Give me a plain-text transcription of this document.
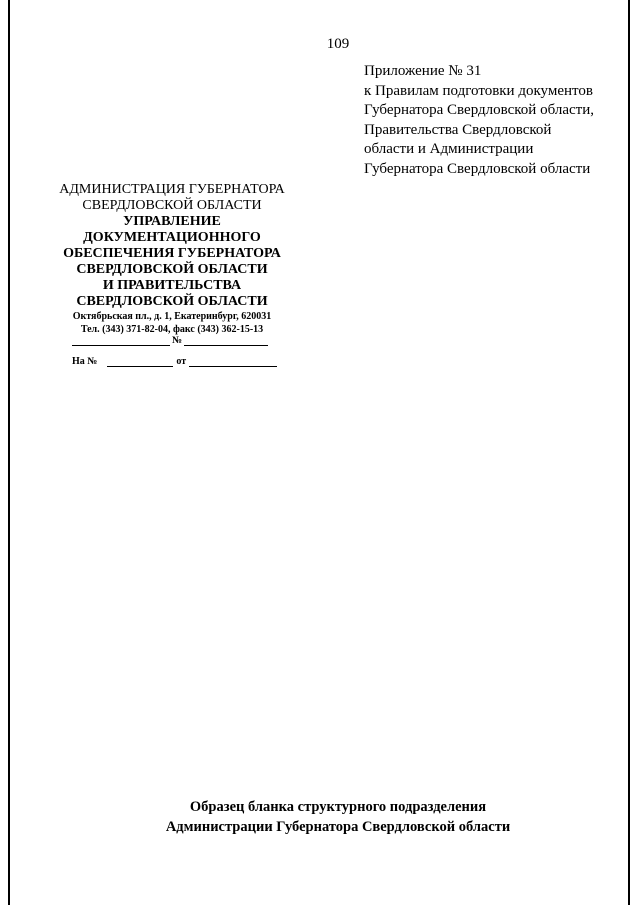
109
Приложение № 31
к Правилам подготовки документов
Губернатора Свердловской области,
Правительства Свердловской
области и Администрации
Губернатора Свердловской области
АДМИНИСТРАЦИЯ ГУБЕРНАТОРА
СВЕРДЛОВСКОЙ ОБЛАСТИ
УПРАВЛЕНИЕ
ДОКУМЕНТАЦИОННОГО
ОБЕСПЕЧЕНИЯ ГУБЕРНАТОРА
СВЕРДЛОВСКОЙ ОБЛАСТИ
И ПРАВИТЕЛЬСТВА
СВЕРДЛОВСКОЙ ОБЛАСТИ
Октябрьская пл., д. 1, Екатеринбург, 620031
Тел. (343) 371-82-04, факс (343) 362-15-13
№
На №	от
Образец бланка структурного подразделения
Администрации Губернатора Свердловской области
